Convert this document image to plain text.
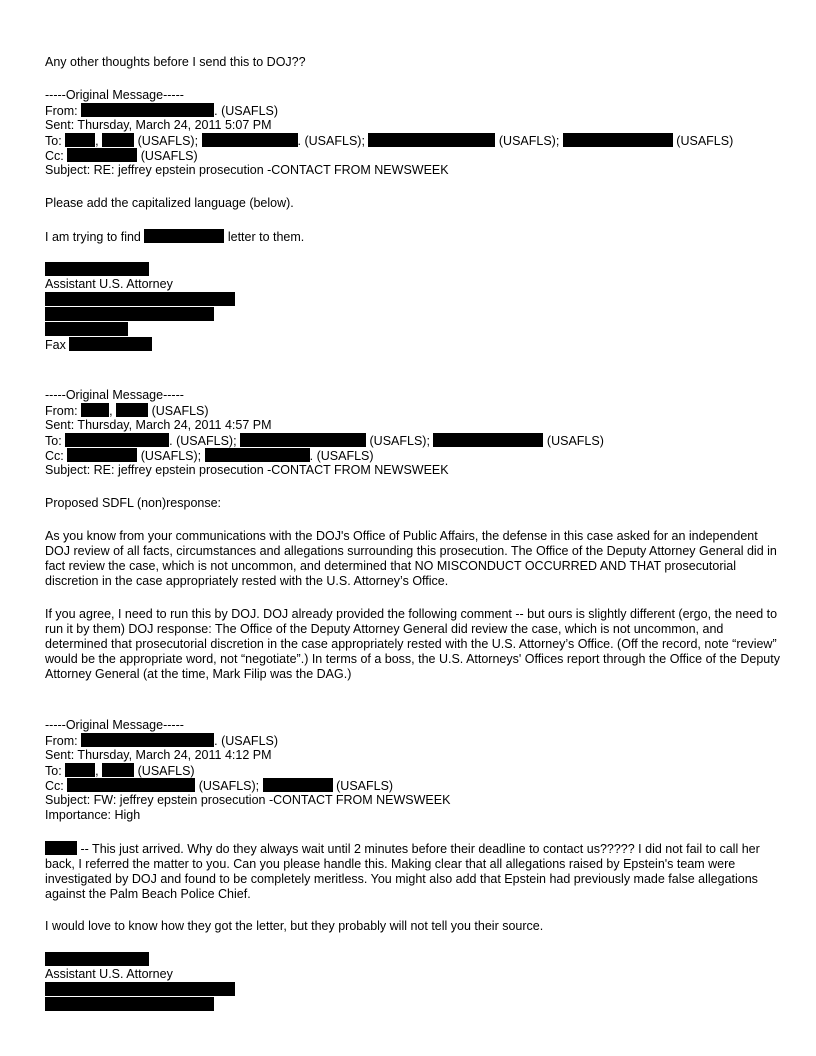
Any other thoughts before I send this to DOJ??
-----Original Message-----
From:	. (USAFLS)
Sent: Thursday, March 24, 2011 5:07 PM
To:	,	(USAFLS);	. (USAFLS);	(USAFLS);	(USAFLS)
Cc:	(USAFLS)
Subject: RE: jeffrey epstein prosecution -CONTACT FROM NEWSWEEK
Please add the capitalized language (below).
I am trying to find	letter to them.
Assistant U.S. Attorney
Fax
-----Original Message-----
From:	,	(USAFLS)
Sent: Thursday, March 24, 2011 4:57 PM
To:	. (USAFLS);	(USAFLS);	(USAFLS)
Cc:	(USAFLS);	. (USAFLS)
Subject: RE: jeffrey epstein prosecution -CONTACT FROM NEWSWEEK
Proposed SDFL (non)response:
As you know from your communications with the DOJ's Office of Public Affairs, the defense in this case asked for an independent DOJ review of all facts, circumstances and allegations surrounding this prosecution. The Office of the Deputy Attorney General did in fact review the case, which is not uncommon, and determined that NO MISCONDUCT OCCURRED AND THAT prosecutorial discretion in the case appropriately rested with the U.S. Attorney’s Office.
If you agree, I need to run this by DOJ. DOJ already provided the following comment -- but ours is slightly different (ergo, the need to run it by them) DOJ response: The Office of the Deputy Attorney General did review the case, which is not uncommon, and determined that prosecutorial discretion in the case appropriately rested with the U.S. Attorney’s Office. (Off the record, note “review” would be the appropriate word, not “negotiate”.) In terms of a boss, the U.S. Attorneys' Offices report through the Office of the Deputy Attorney General (at the time, Mark Filip was the DAG.)
-----Original Message-----
From:	. (USAFLS)
Sent: Thursday, March 24, 2011 4:12 PM
To:	,	(USAFLS)
Cc:	(USAFLS);	(USAFLS)
Subject: FW: jeffrey epstein prosecution -CONTACT FROM NEWSWEEK
Importance: High
-- This just arrived. Why do they always wait until 2 minutes before their deadline to contact us????? I did not fail to call her back, I referred the matter to you. Can you please handle this. Making clear that all allegations raised by Epstein's team were investigated by DOJ and found to be completely meritless. You might also add that Epstein had previously made false allegations against the Palm Beach Police Chief.
I would love to know how they got the letter, but they probably will not tell you their source.
Assistant U.S. Attorney
